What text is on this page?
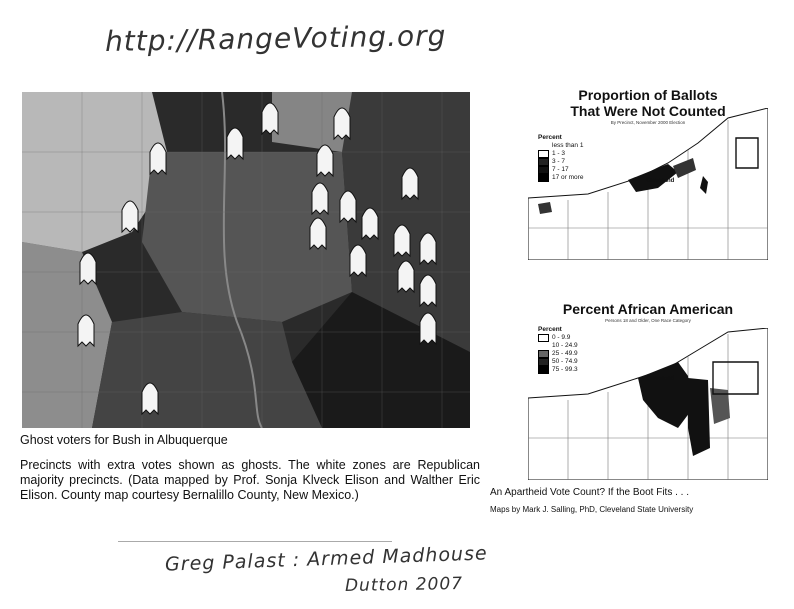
http://RangeVoting.org
Ghost voters for Bush in Albuquerque
Precincts with extra votes shown as ghosts. The white zones are Republican majority precincts. (Data mapped by Prof. Sonja Klveck Elison and Walther Eric Elison. County map courtesy Bernalillo County, New Mexico.)
Proportion of Ballots
That Were Not Counted
By Precinct, November 2000 Election
Percent
less than 1
1 - 3
3 - 7
7 - 17
17 or more	Cleveland
Percent African American
Persons 18 and Older, One Race Category
Percent
0 - 9.9
10 - 24.9
25 - 49.9
50 - 74.9
75 - 99.3
Cleveland
An Apartheid Vote Count? If the Boot Fits . . .
Maps by Mark J. Salling, PhD, Cleveland State University
Greg Palast : Armed Madhouse
Dutton 2007
